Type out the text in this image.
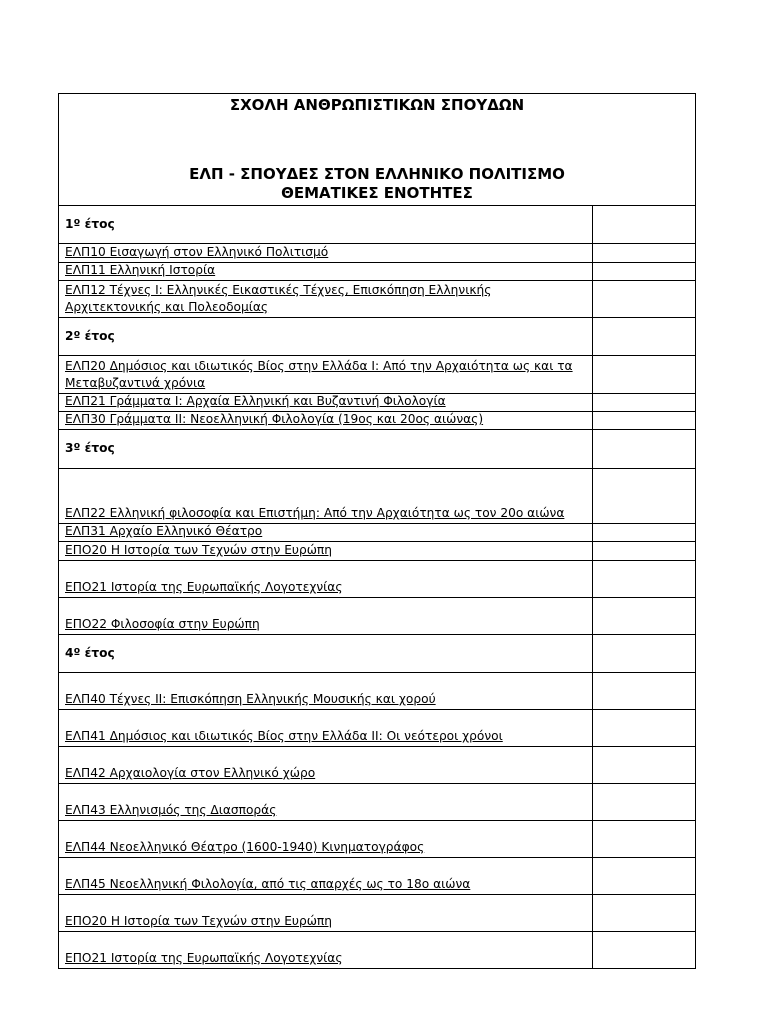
ΣΧΟΛΗ ΑΝΘΡΩΠΙΣΤΙΚΩΝ ΣΠΟΥΔΩΝ
ΕΛΠ - ΣΠΟΥΔΕΣ ΣΤΟΝ ΕΛΛΗΝΙΚΟ ΠΟΛΙΤΙΣΜΟ
ΘΕΜΑΤΙΚΕΣ ΕΝΟΤΗΤΕΣ
1º έτος
ΕΛΠ10 Εισαγωγή στον Ελληνικό Πολιτισμό
ΕΛΠ11 Ελληνική Ιστορία
ΕΛΠ12 Τέχνες Ι: Ελληνικές Εικαστικές Τέχνες, Επισκόπηση Ελληνικής Αρχιτεκτονικής και Πολεοδομίας
2º έτος
ΕΛΠ20 Δημόσιος και ιδιωτικός Βίος στην Ελλάδα Ι: Από την Αρχαιότητα ως και τα Μεταβυζαντινά χρόνια
ΕΛΠ21 Γράμματα Ι: Αρχαία Ελληνική και Βυζαντινή Φιλολογία
ΕΛΠ30 Γράμματα ΙΙ: Νεοελληνική Φιλολογία (19ος και 20ος αιώνας)
3º έτος
ΕΛΠ22 Ελληνική φιλοσοφία και Επιστήμη: Από την Αρχαιότητα ως τον 20ο αιώνα
ΕΛΠ31 Αρχαίο Ελληνικό Θέατρο
ΕΠΟ20 Η Ιστορία των Τεχνών στην Ευρώπη
ΕΠΟ21 Ιστορία της Ευρωπαϊκής Λογοτεχνίας
ΕΠΟ22 Φιλοσοφία στην Ευρώπη
4º έτος
ΕΛΠ40 Τέχνες ΙΙ: Επισκόπηση Ελληνικής Μουσικής και χορού
ΕΛΠ41 Δημόσιος και ιδιωτικός Βίος στην Ελλάδα ΙΙ: Οι νεότεροι χρόνοι
ΕΛΠ42 Αρχαιολογία στον Ελληνικό χώρο
ΕΛΠ43 Ελληνισμός της Διασποράς
ΕΛΠ44 Νεοελληνικό Θέατρο (1600-1940) Κινηματογράφος
ΕΛΠ45 Νεοελληνική Φιλολογία, από τις απαρχές ως το 18ο αιώνα
ΕΠΟ20 Η Ιστορία των Τεχνών στην Ευρώπη
ΕΠΟ21 Ιστορία της Ευρωπαϊκής Λογοτεχνίας
